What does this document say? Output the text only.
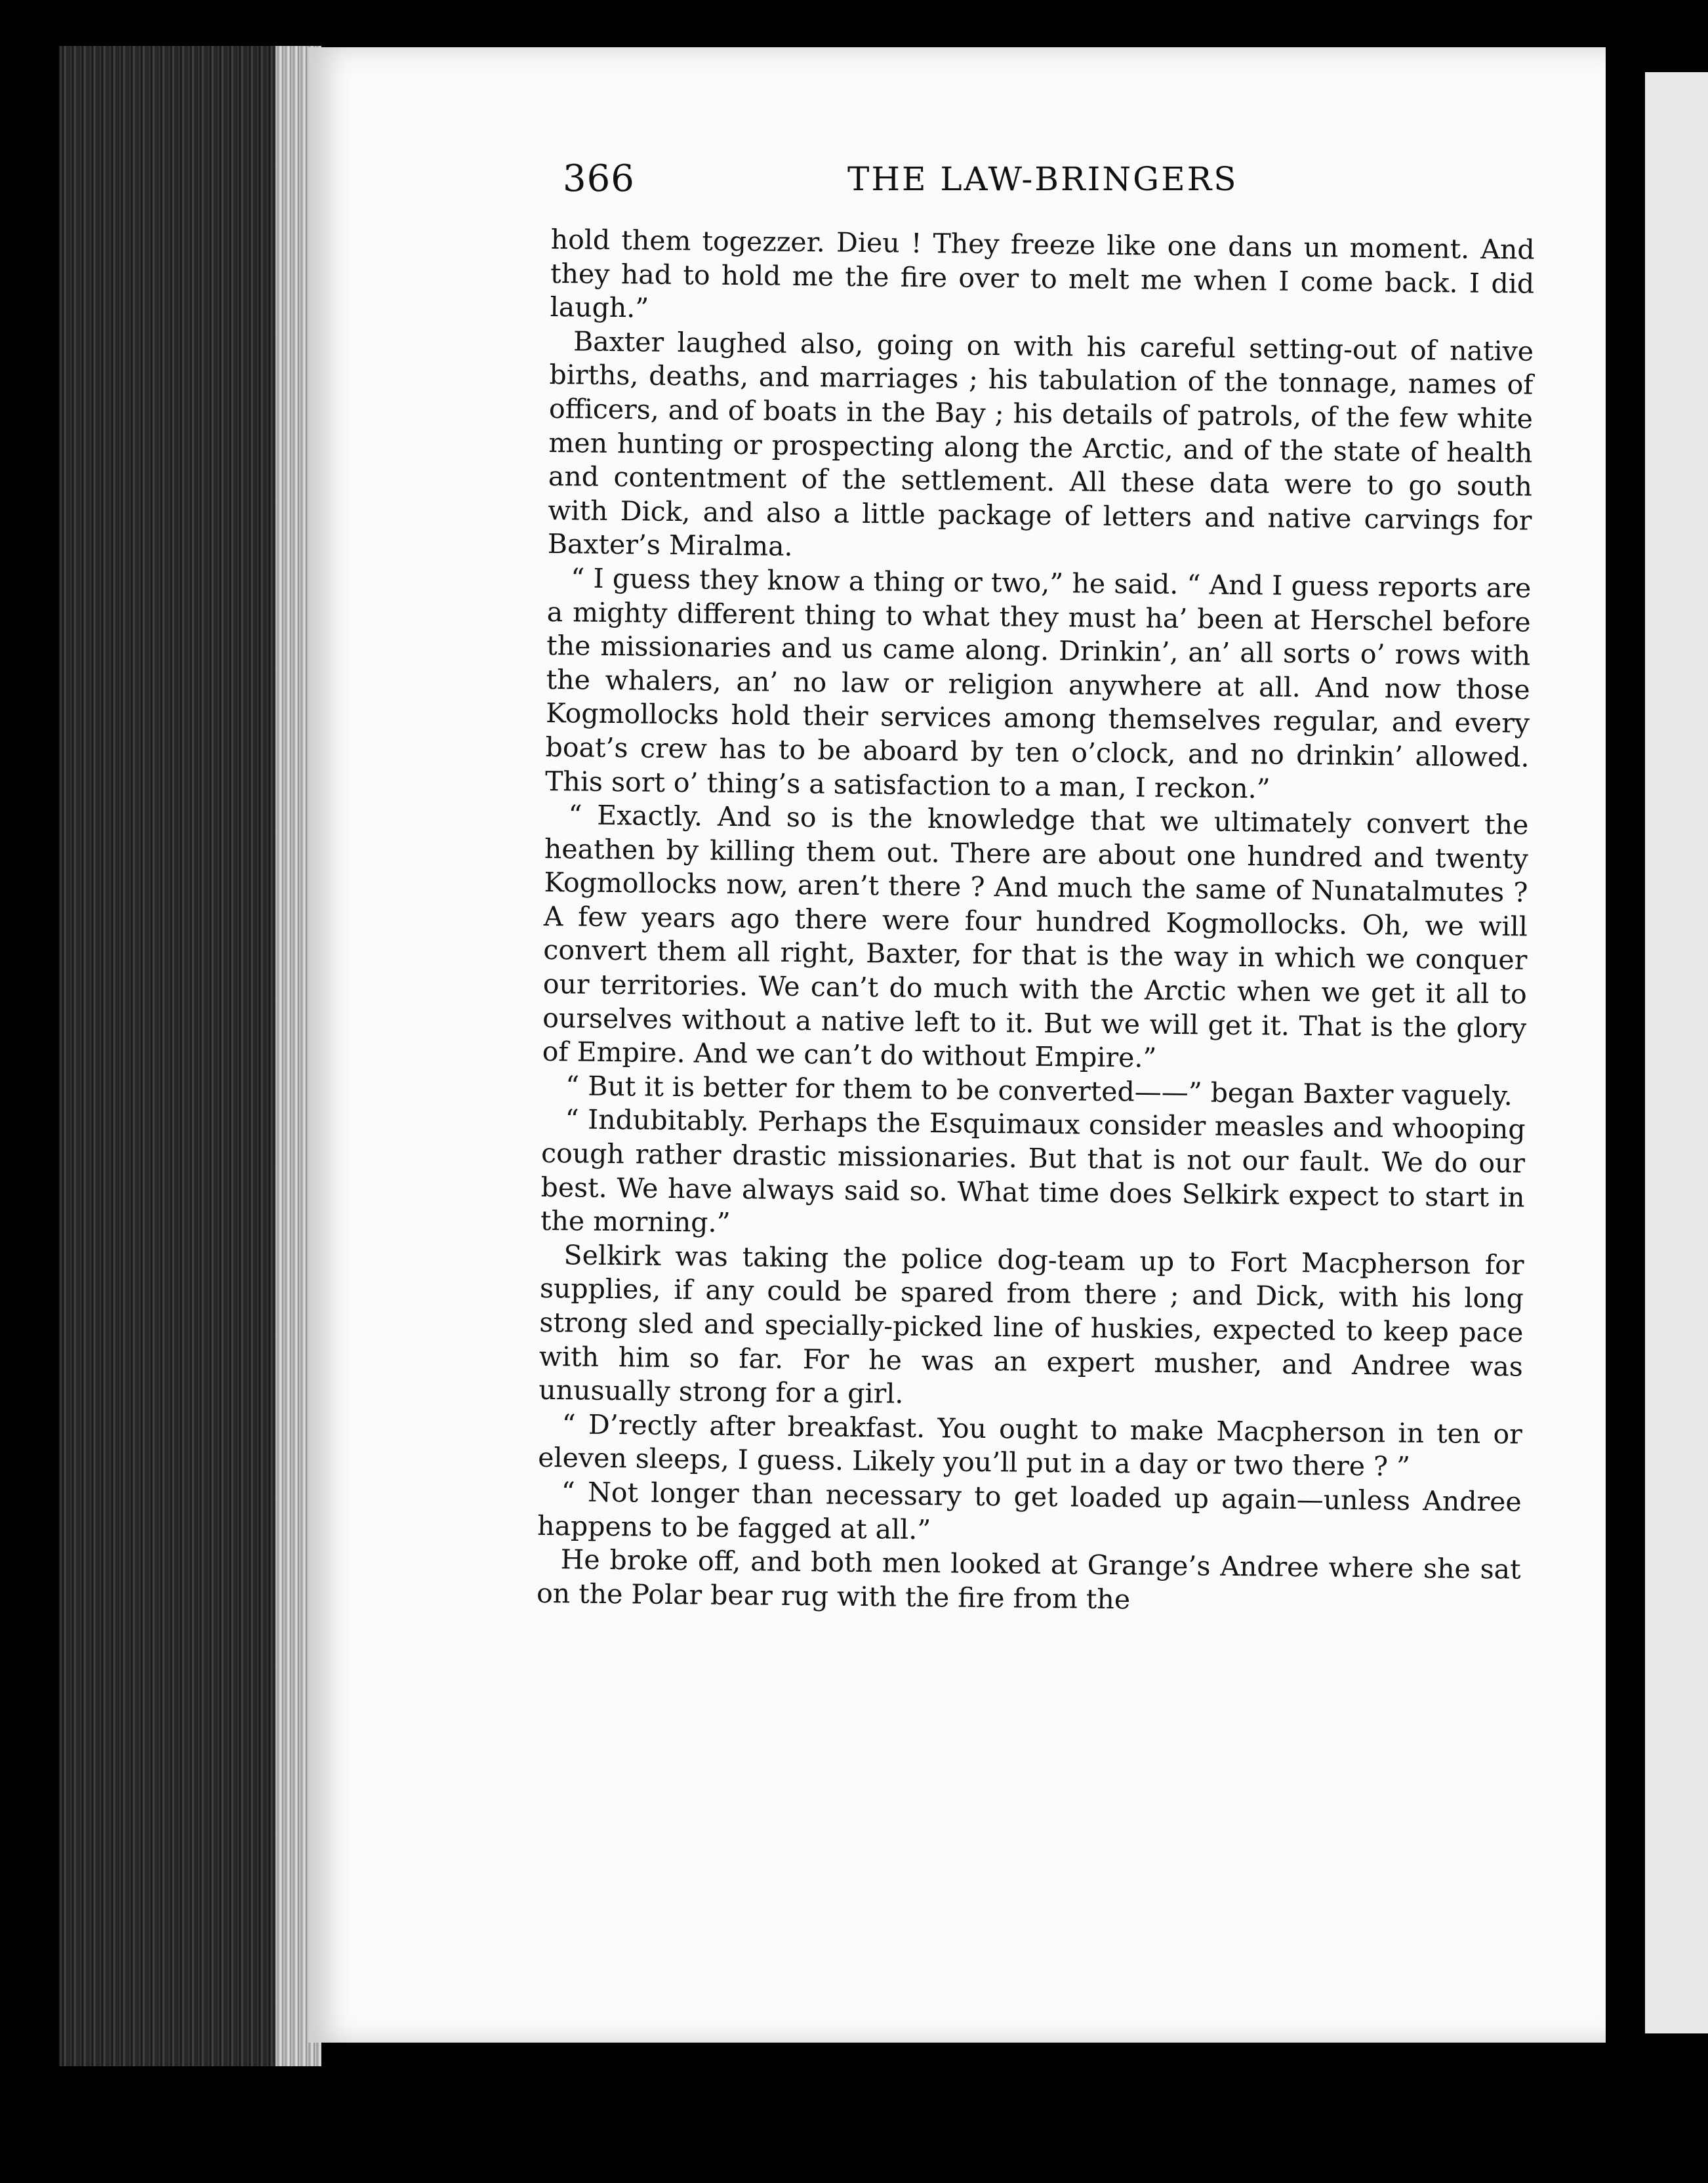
366	THE LAW-BRINGERS

hold them togezzer. Dieu ! They freeze like one dans un moment. And they had to hold me the fire over to melt me when I come back. I did laugh.”

Baxter laughed also, going on with his careful setting-out of native births, deaths, and marriages ; his tabulation of the tonnage, names of officers, and of boats in the Bay ; his details of patrols, of the few white men hunting or prospecting along the Arctic, and of the state of health and contentment of the settlement. All these data were to go south with Dick, and also a little package of letters and native carvings for Baxter’s Miralma.

“ I guess they know a thing or two,” he said. “ And I guess reports are a mighty different thing to what they must ha’ been at Herschel before the missionaries and us came along. Drinkin’, an’ all sorts o’ rows with the whalers, an’ no law or religion anywhere at all. And now those Kogmollocks hold their services among themselves regular, and every boat’s crew has to be aboard by ten o’clock, and no drinkin’ allowed. This sort o’ thing’s a satisfaction to a man, I reckon.”

“ Exactly. And so is the knowledge that we ultimately convert the heathen by killing them out. There are about one hundred and twenty Kogmollocks now, aren’t there ? And much the same of Nunatalmutes ? A few years ago there were four hundred Kogmollocks. Oh, we will convert them all right, Baxter, for that is the way in which we conquer our territories. We can’t do much with the Arctic when we get it all to ourselves without a native left to it. But we will get it. That is the glory of Empire. And we can’t do without Empire.”

“ But it is better for them to be converted——” began Baxter vaguely.

“ Indubitably. Perhaps the Esquimaux consider measles and whooping cough rather drastic missionaries. But that is not our fault. We do our best. We have always said so. What time does Selkirk expect to start in the morning.”

Selkirk was taking the police dog-team up to Fort Macpherson for supplies, if any could be spared from there ; and Dick, with his long strong sled and specially-picked line of huskies, expected to keep pace with him so far. For he was an expert musher, and Andree was unusually strong for a girl.

“ D’rectly after breakfast. You ought to make Macpherson in ten or eleven sleeps, I guess. Likely you’ll put in a day or two there ? ”

“ Not longer than necessary to get loaded up again—unless Andree happens to be fagged at all.”

He broke off, and both men looked at Grange’s Andree where she sat on the Polar bear rug with the fire from the
